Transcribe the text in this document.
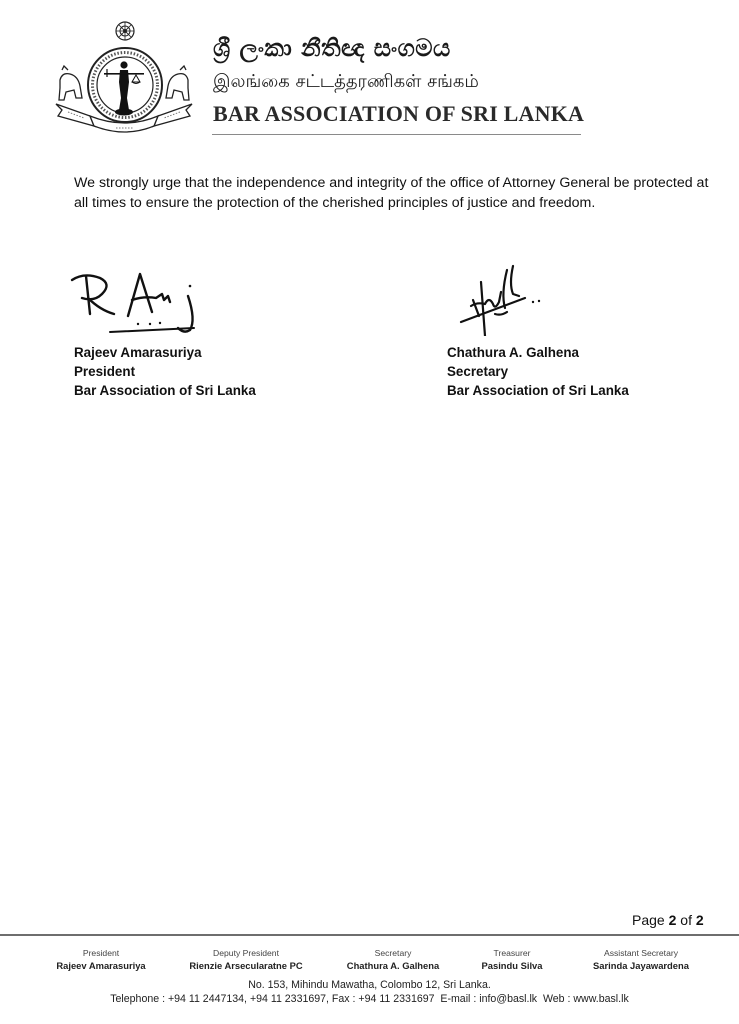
ශ්‍රී ලංකා නීතිඥ සංගමය
இலங்கை சட்டத்தரணிகள் சங்கம்
BAR ASSOCIATION OF SRI LANKA

We strongly urge that the independence and integrity of the office of Attorney General be protected at all times to ensure the protection of the cherished principles of justice and freedom.

Rajeev Amarasuriya
President
Bar Association of Sri Lanka
Chathura A. Galhena
Secretary
Bar Association of Sri Lanka
Page 2 of 2
President
Rajeev Amarasuriya
Deputy President
Rienzie Arsecularatne PC
Secretary
Chathura A. Galhena
Treasurer
Pasindu Silva
Assistant Secretary
Sarinda Jayawardena
No. 153, Mihindu Mawatha, Colombo 12, Sri Lanka.
Telephone : +94 11 2447134, +94 11 2331697, Fax : +94 11 2331697  E-mail : info@basl.lk  Web : www.basl.lk
